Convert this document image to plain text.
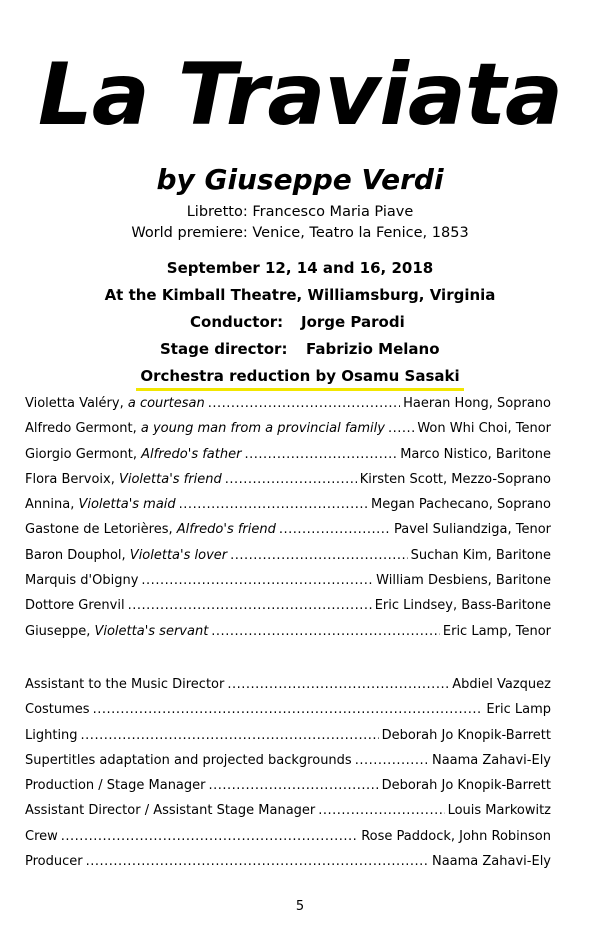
La Traviata
by Giuseppe Verdi
Libretto: Francesco Maria Piave
World premiere: Venice, Teatro la Fenice, 1853
September 12, 14 and 16, 2018
At the Kimball Theatre, Williamsburg, Virginia
Conductor: Jorge Parodi
Stage director: Fabrizio Melano
Orchestra reduction by Osamu Sasaki
Violetta Valéry, a courtesan .....	Haeran Hong, Soprano
Alfredo Germont, a young man from a provincial family ..... Won Whi Choi, Tenor
Giorgio Germont, Alfredo's father .....	Marco Nistico, Baritone
Flora Bervoix, Violetta's friend .....	Kirsten Scott, Mezzo-Soprano
Annina, Violetta's maid .....	Megan Pachecano, Soprano
Gastone de Letorières, Alfredo's friend .....	Pavel Suliandziga, Tenor
Baron Douphol, Violetta's lover .....	Suchan Kim, Baritone
Marquis d'Obigny .....	William Desbiens, Baritone
Dottore Grenvil .....	Eric Lindsey, Bass-Baritone
Giuseppe, Violetta's servant .....	Eric Lamp, Tenor
Assistant to the Music Director .....	Abdiel Vazquez
Costumes .....	Eric Lamp
Lighting .....	Deborah Jo Knopik-Barrett
Supertitles adaptation and projected backgrounds .....	Naama Zahavi-Ely
Production / Stage Manager .....	Deborah Jo Knopik-Barrett
Assistant Director / Assistant Stage Manager .....	Louis Markowitz
Crew .....	Rose Paddock, John Robinson
Producer .....	Naama Zahavi-Ely
5
